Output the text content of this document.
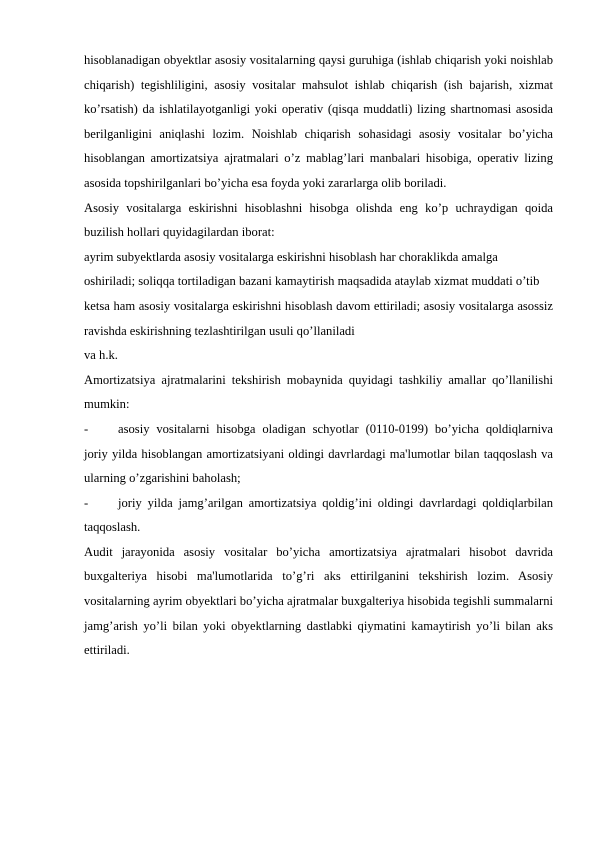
hisoblanadigan obyektlar asosiy vositalarning qaysi guruhiga (ishlab chiqarish yoki noishlab chiqarish) tegishliligini, asosiy vositalar mahsulot ishlab chiqarish (ish bajarish, xizmat ko’rsatish) da ishlatilayotganligi yoki operativ (qisqa muddatli) lizing shartnomasi asosida berilganligini aniqlashi lozim. Noishlab chiqarish sohasidagi asosiy vositalar bo’yicha hisoblangan amortizatsiya ajratmalari o’z mablag’lari manbalari hisobiga, operativ lizing asosida topshirilganlari bo’yicha esa foyda yoki zararlarga olib boriladi.

Asosiy vositalarga eskirishni hisoblashni hisobga olishda eng ko’p uchraydigan qoida buzilish hollari quyidagilardan iborat:

ayrim subyektlarda asosiy vositalarga eskirishni hisoblash har choraklikda amalga

oshiriladi; soliqqa tortiladigan bazani kamaytirish maqsadida ataylab xizmat muddati o’tib

ketsa ham asosiy vositalarga eskirishni hisoblash davom ettiriladi; asosiy vositalarga asossiz ravishda eskirishning tezlashtirilgan usuli qo’llaniladi

va h.k.

Amortizatsiya ajratmalarini tekshirish mobaynida quyidagi tashkiliy amallar qo’llanilishi mumkin:

- asosiy vositalarni hisobga oladigan schyotlar (0110-0199) bo’yicha qoldiqlarniva joriy yilda hisoblangan amortizatsiyani oldingi davrlardagi ma'lumotlar bilan taqqoslash va ularning o’zgarishini baholash;

- joriy yilda jamg’arilgan amortizatsiya qoldig’ini oldingi davrlardagi qoldiqlarbilan taqqoslash.

Audit jarayonida asosiy vositalar bo’yicha amortizatsiya ajratmalari hisobot davrida buxgalteriya hisobi ma'lumotlarida to’g’ri aks ettirilganini tekshirish lozim. Asosiy vositalarning ayrim obyektlari bo’yicha ajratmalar buxgalteriya hisobida tegishli summalarni jamg’arish yo’li bilan yoki obyektlarning dastlabki qiymatini kamaytirish yo’li bilan aks ettiriladi.
